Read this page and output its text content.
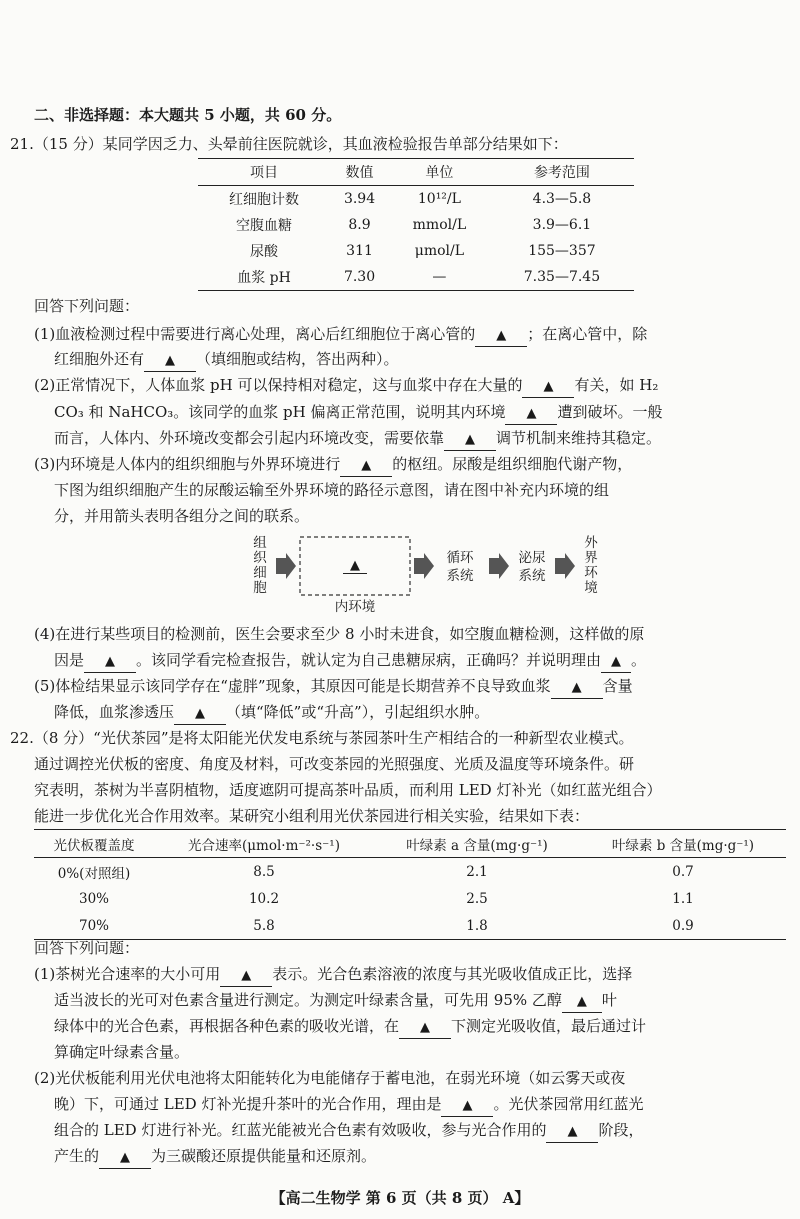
二、非选择题：本大题共 5 小题，共 60 分。
21.（15 分）某同学因乏力、头晕前往医院就诊，其血液检验报告单部分结果如下：
项目	数值	单位	参考范围
红细胞计数	3.94	10¹²/L	4.3—5.8
空腹血糖	8.9	mmol/L	3.9—6.1
尿酸	311	μmol/L	155—357
血浆 pH	7.30	—	7.35—7.45
回答下列问题：
(1)血液检测过程中需要进行离心处理，离心后红细胞位于离心管的 ▲ ；在离心管中，除
红细胞外还有 ▲ （填细胞或结构，答出两种）。
(2)正常情况下，人体血浆 pH 可以保持相对稳定，这与血浆中存在大量的 ▲ 有关，如 H₂
CO₃ 和 NaHCO₃。该同学的血浆 pH 偏离正常范围，说明其内环境 ▲ 遭到破坏。一般
而言，人体内、外环境改变都会引起内环境改变，需要依靠 ▲ 调节机制来维持其稳定。
(3)内环境是人体内的组织细胞与外界环境进行 ▲ 的枢纽。尿酸是组织细胞代谢产物，
下图为组织细胞产生的尿酸运输至外界环境的路径示意图，请在图中补充内环境的组
分，并用箭头表明各组分之间的联系。
组织细胞
▲
内环境
循环
系统
泌尿
系统
外界环境
(4)在进行某些项目的检测前，医生会要求至少 8 小时未进食，如空腹血糖检测，这样做的原
因是 ▲ 。该同学看完检查报告，就认定为自己患糖尿病，正确吗？并说明理由 ▲ 。
(5)体检结果显示该同学存在“虚胖”现象，其原因可能是长期营养不良导致血浆 ▲ 含量
降低，血浆渗透压 ▲ （填“降低”或“升高”），引起组织水肿。
22.（8 分）“光伏茶园”是将太阳能光伏发电系统与茶园茶叶生产相结合的一种新型农业模式。
通过调控光伏板的密度、角度及材料，可改变茶园的光照强度、光质及温度等环境条件。研
究表明，茶树为半喜阴植物，适度遮阴可提高茶叶品质，而利用 LED 灯补光（如红蓝光组合）
能进一步优化光合作用效率。某研究小组利用光伏茶园进行相关实验，结果如下表：
光伏板覆盖度	光合速率(μmol·m⁻²·s⁻¹)	叶绿素 a 含量(mg·g⁻¹)	叶绿素 b 含量(mg·g⁻¹)
0%(对照组)	8.5	2.1	0.7
30%	10.2	2.5	1.1
70%	5.8	1.8	0.9
回答下列问题：
(1)茶树光合速率的大小可用 ▲ 表示。光合色素溶液的浓度与其光吸收值成正比，选择
适当波长的光可对色素含量进行测定。为测定叶绿素含量，可先用 95% 乙醇 ▲ 叶
绿体中的光合色素，再根据各种色素的吸收光谱，在 ▲ 下测定光吸收值，最后通过计
算确定叶绿素含量。
(2)光伏板能利用光伏电池将太阳能转化为电能储存于蓄电池，在弱光环境（如云雾天或夜
晚）下，可通过 LED 灯补光提升茶叶的光合作用，理由是 ▲ 。光伏茶园常用红蓝光
组合的 LED 灯进行补光。红蓝光能被光合色素有效吸收，参与光合作用的 ▲ 阶段，
产生的 ▲ 为三碳酸还原提供能量和还原剂。
【高二生物学 第 6 页（共 8 页） A】
